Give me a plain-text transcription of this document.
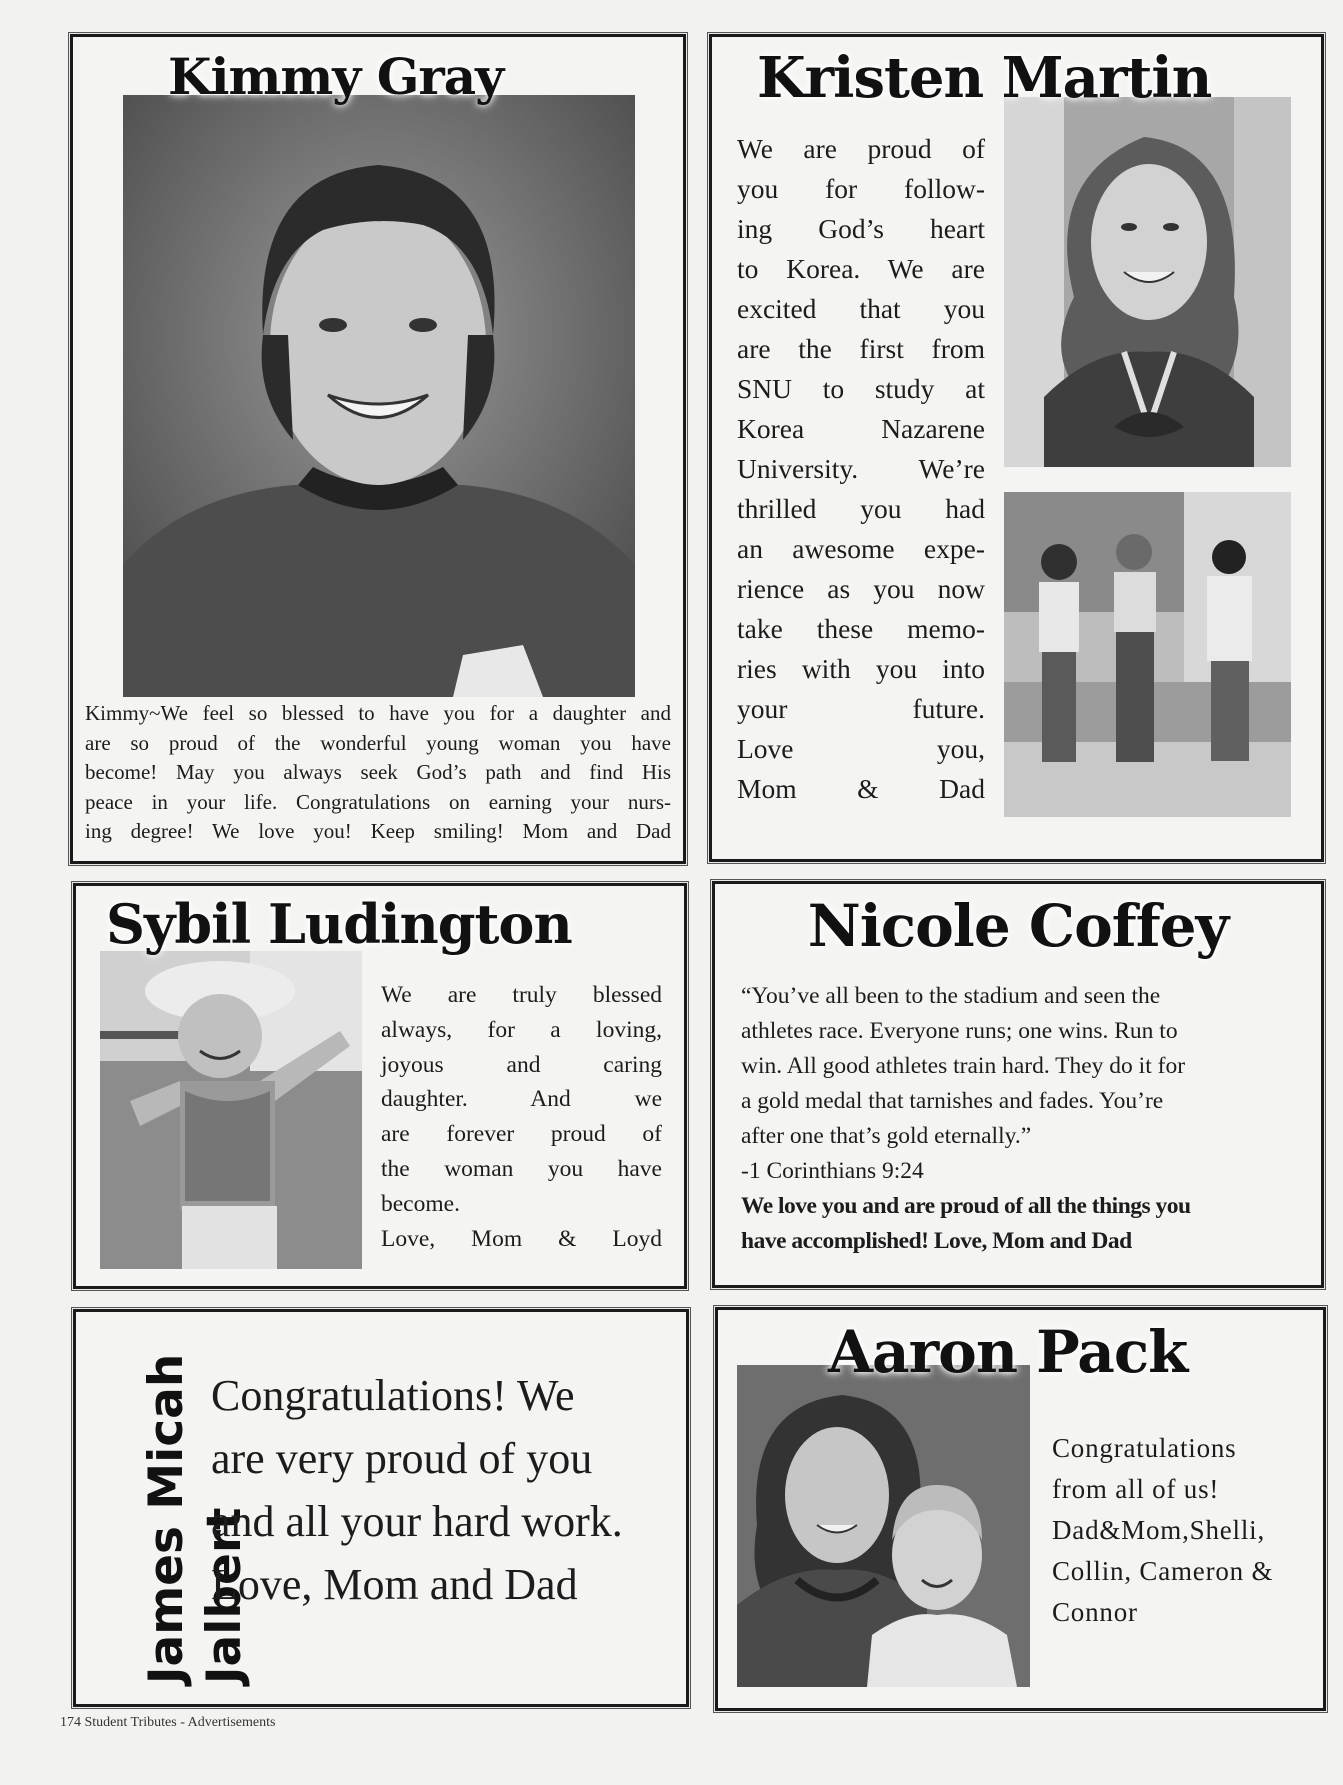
Kimmy Gray
Kimmy~We feel so blessed to have you for a daughter and
are so proud of the wonderful young woman you have
become! May you always seek God’s path and find His
peace in your life. Congratulations on earning your nurs-
ing degree! We love you! Keep smiling! Mom and Dad
Kristen Martin
We are proud of
you for follow-
ing God’s heart
to Korea. We are
excited that you
are the first from
SNU to study at
Korea Nazarene
University. We’re
thrilled you had
an awesome expe-
rience as you now
take these memo-
ries with you into
your future.
Love you,
Mom & Dad
Sybil Ludington
We are truly blessed
always, for a loving,
joyous and caring
daughter. And we
are forever proud of
the woman you have
become.
Love, Mom & Loyd
Nicole Coffey
“You’ve all been to the stadium and seen the
athletes race. Everyone runs; one wins. Run to
win. All good athletes train hard. They do it for
a gold medal that tarnishes and fades. You’re
after one that’s gold eternally.”
-1 Corinthians 9:24
We love you and are proud of all the things you
have accomplished! Love, Mom and Dad
James Micah Jalbert
Congratulations! We
are very proud of you
and all your hard work.
Love, Mom and Dad
Aaron Pack
Congratulations
from all of us!
Dad&Mom,Shelli,
Collin, Cameron &
Connor
174 Student Tributes - Advertisements
